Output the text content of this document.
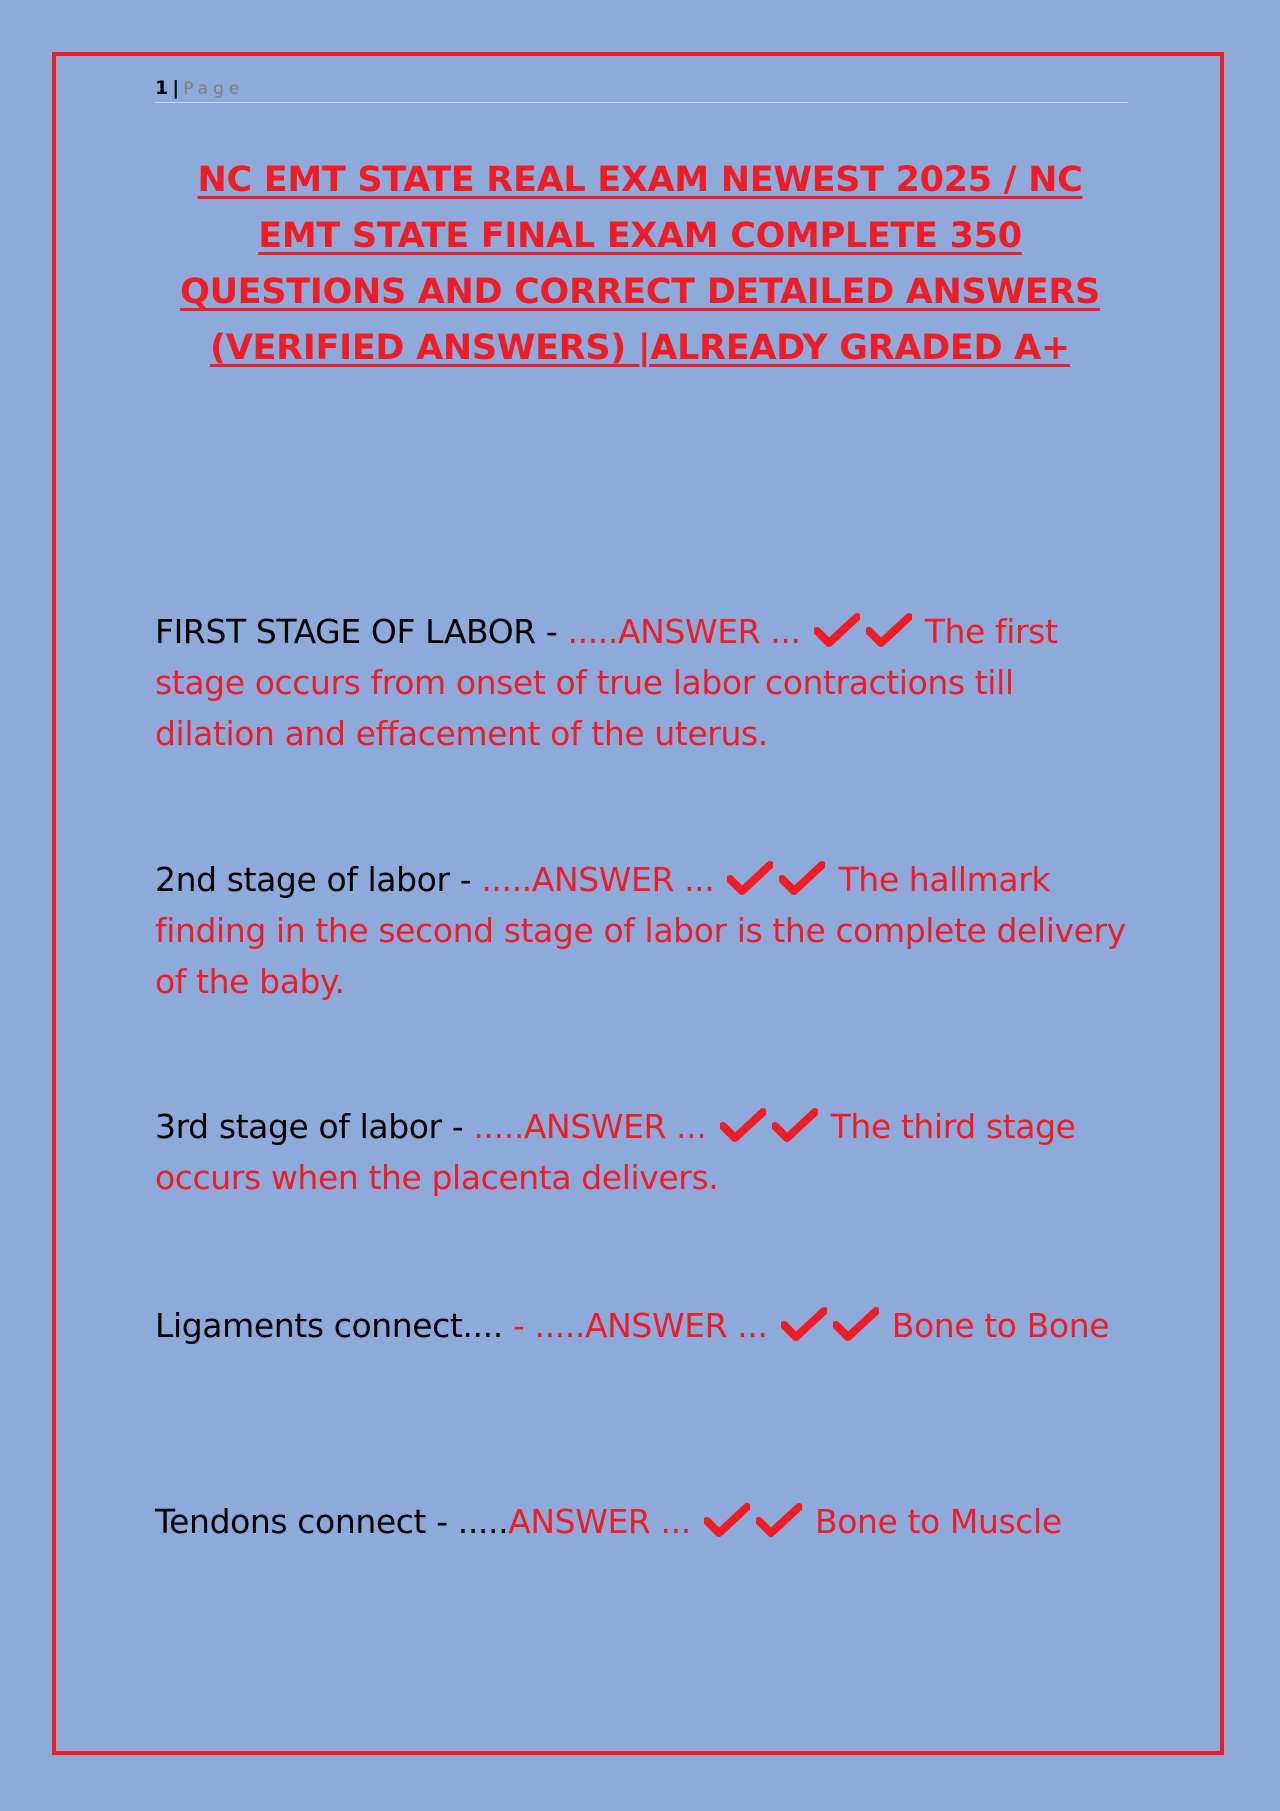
1 | Page
NC EMT STATE REAL EXAM NEWEST 2025 / NC
EMT STATE FINAL EXAM COMPLETE 350
QUESTIONS AND CORRECT DETAILED ANSWERS
(VERIFIED ANSWERS) |ALREADY GRADED A+
FIRST STAGE OF LABOR - .....ANSWER ...	The first stage occurs from onset of true labor contractions till dilation and effacement of the uterus.
2nd stage of labor - .....ANSWER ...	The hallmark finding in the second stage of labor is the complete delivery of the baby.
3rd stage of labor - .....ANSWER ...	The third stage occurs when the placenta delivers.
Ligaments connect.... - .....ANSWER ...	Bone to Bone
Tendons connect - .....ANSWER ...	Bone to Muscle
